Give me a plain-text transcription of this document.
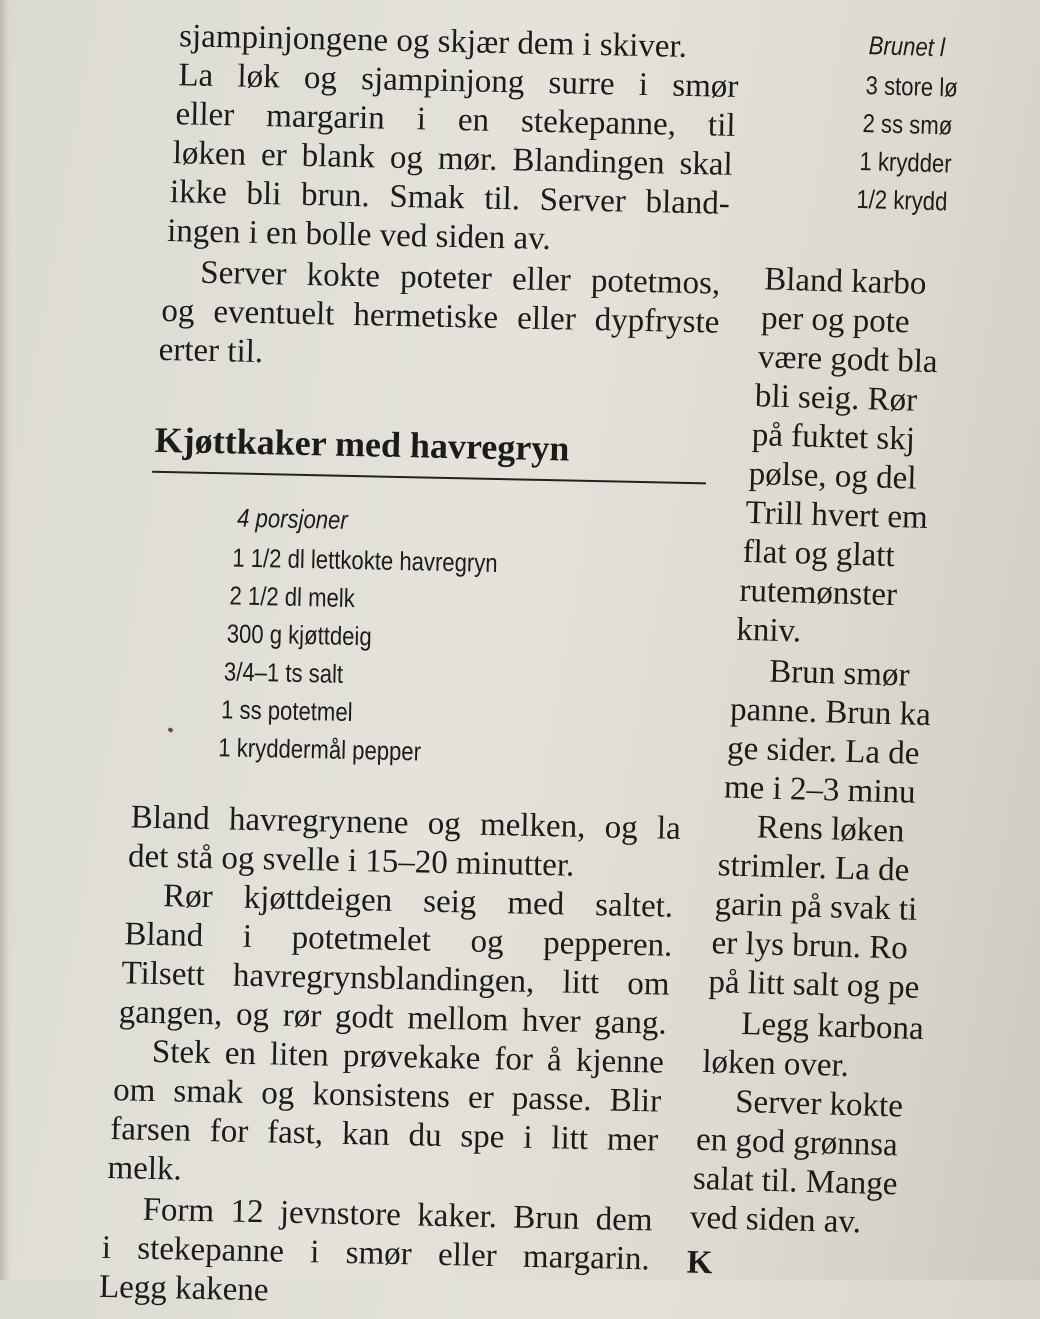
sjampinjongene og skjær dem i skiver.
La løk og sjampinjong surre i smør
eller margarin i en stekepanne, til
løken er blank og mør. Blandingen skal
ikke bli brun. Smak til. Server bland-
ingen i en bolle ved siden av.
Server kokte poteter eller potetmos,
og eventuelt hermetiske eller dypfryste
erter til.
Kjøttkaker med havregryn
4 porsjoner
1 1/2 dl lettkokte havregryn
2 1/2 dl melk
300 g kjøttdeig
3/4–1 ts salt
1 ss potetmel
1 kryddermål pepper
Bland havregrynene og melken, og la
det stå og svelle i 15–20 minutter.
Rør kjøttdeigen seig med saltet.
Bland i potetmelet og pepperen.
Tilsett havregrynsblandingen, litt om
gangen, og rør godt mellom hver gang.
Stek en liten prøvekake for å kjenne
om smak og konsistens er passe. Blir
farsen for fast, kan du spe i litt mer
melk.
Form 12 jevnstore kaker. Brun dem
i stekepanne i smør eller margarin.
Legg kakene
Brunet l
3 store lø
2 ss smø
1 krydder
1/2 krydd
Bland karbo
per og pote
være godt bla
bli seig. Rør
på fuktet skj
pølse, og del
Trill hvert em
flat og glatt
rutemønster
kniv.
Brun smør
panne. Brun ka
ge sider. La de
me i 2–3 minu
Rens løken
strimler. La de
garin på svak ti
er lys brun. Ro
på litt salt og pe
Legg karbona
løken over.
Server kokte
en god grønnsa
salat til. Mange
ved siden av.
K
